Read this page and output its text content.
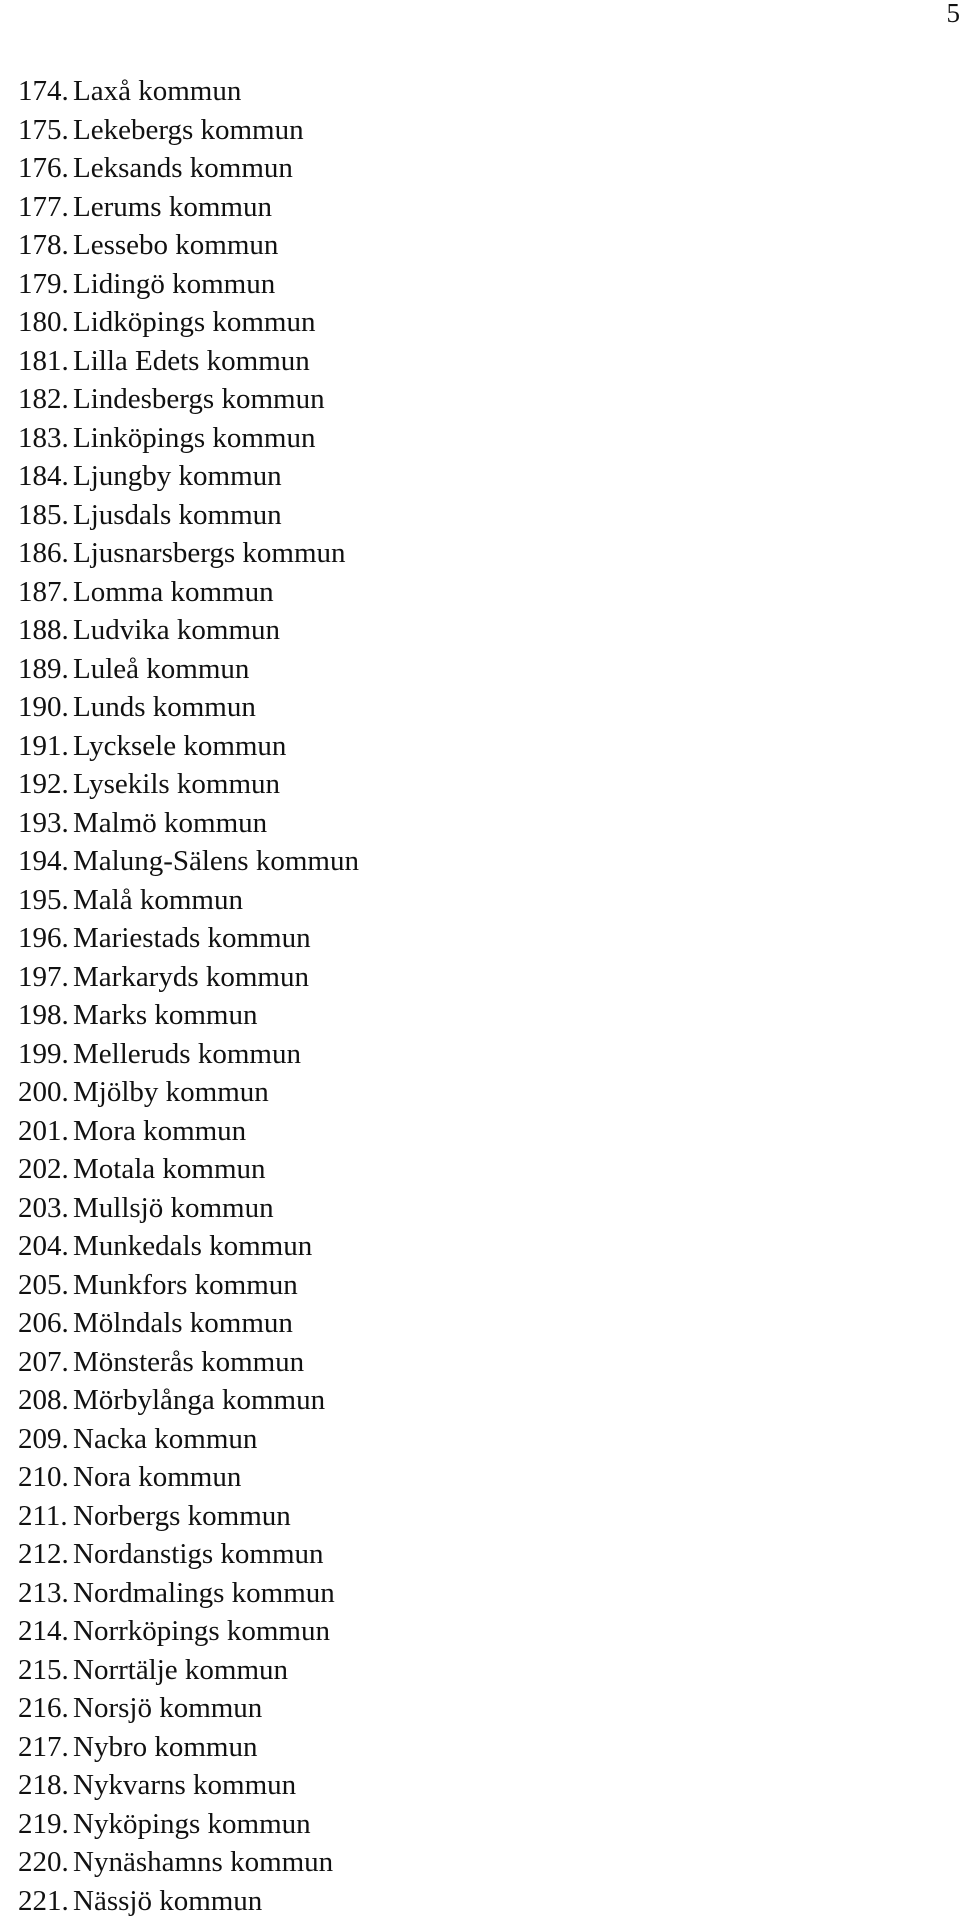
5
174. Laxå kommun
175. Lekebergs kommun
176. Leksands kommun
177. Lerums kommun
178. Lessebo kommun
179. Lidingö kommun
180. Lidköpings kommun
181. Lilla Edets kommun
182. Lindesbergs kommun
183. Linköpings kommun
184. Ljungby kommun
185. Ljusdals kommun
186. Ljusnarsbergs kommun
187. Lomma kommun
188. Ludvika kommun
189. Luleå kommun
190. Lunds kommun
191. Lycksele kommun
192. Lysekils kommun
193. Malmö kommun
194. Malung-Sälens kommun
195. Malå kommun
196. Mariestads kommun
197. Markaryds kommun
198. Marks kommun
199. Melleruds kommun
200. Mjölby kommun
201. Mora kommun
202. Motala kommun
203. Mullsjö kommun
204. Munkedals kommun
205. Munkfors kommun
206. Mölndals kommun
207. Mönsterås kommun
208. Mörbylånga kommun
209. Nacka kommun
210. Nora kommun
211. Norbergs kommun
212. Nordanstigs kommun
213. Nordmalings kommun
214. Norrköpings kommun
215. Norrtälje kommun
216. Norsjö kommun
217. Nybro kommun
218. Nykvarns kommun
219. Nyköpings kommun
220. Nynäshamns kommun
221. Nässjö kommun
